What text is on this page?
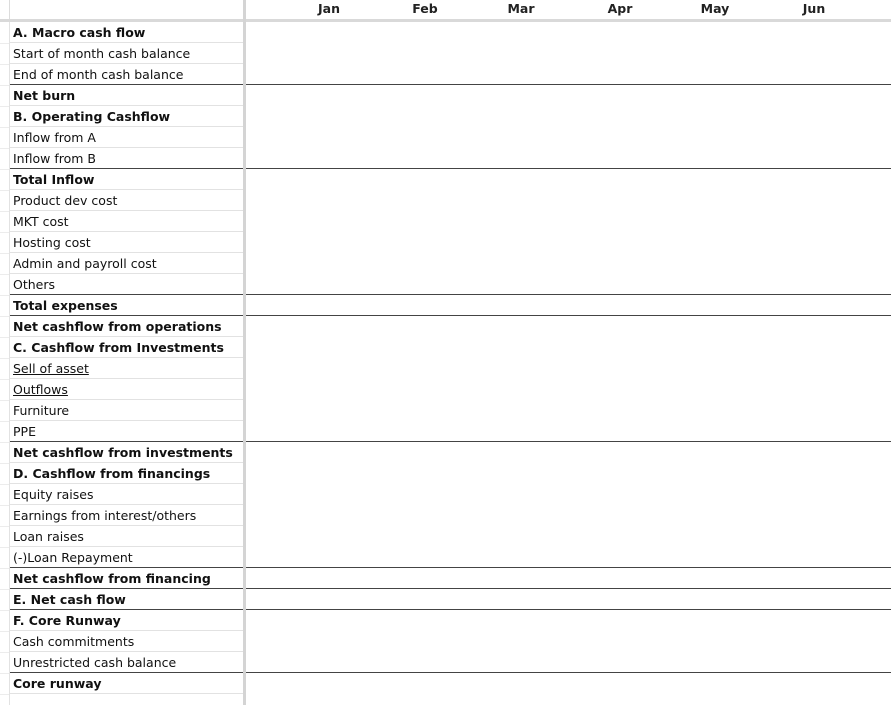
Jan	Feb	Mar	Apr	May	Jun
A. Macro cash flow
Start of month cash balance
End of month cash balance
Net burn
B. Operating Cashflow
Inflow from A
Inflow from B
Total Inflow
Product dev cost
MKT cost
Hosting cost
Admin and payroll cost
Others
Total expenses
Net cashflow from operations
C. Cashflow from Investments
Sell of asset
Outflows
Furniture
PPE
Net cashflow from investments
D. Cashflow from financings
Equity raises
Earnings from interest/others
Loan raises
(-)Loan Repayment
Net cashflow from financing
E. Net cash flow
F. Core Runway
Cash commitments
Unrestricted cash balance
Core runway
